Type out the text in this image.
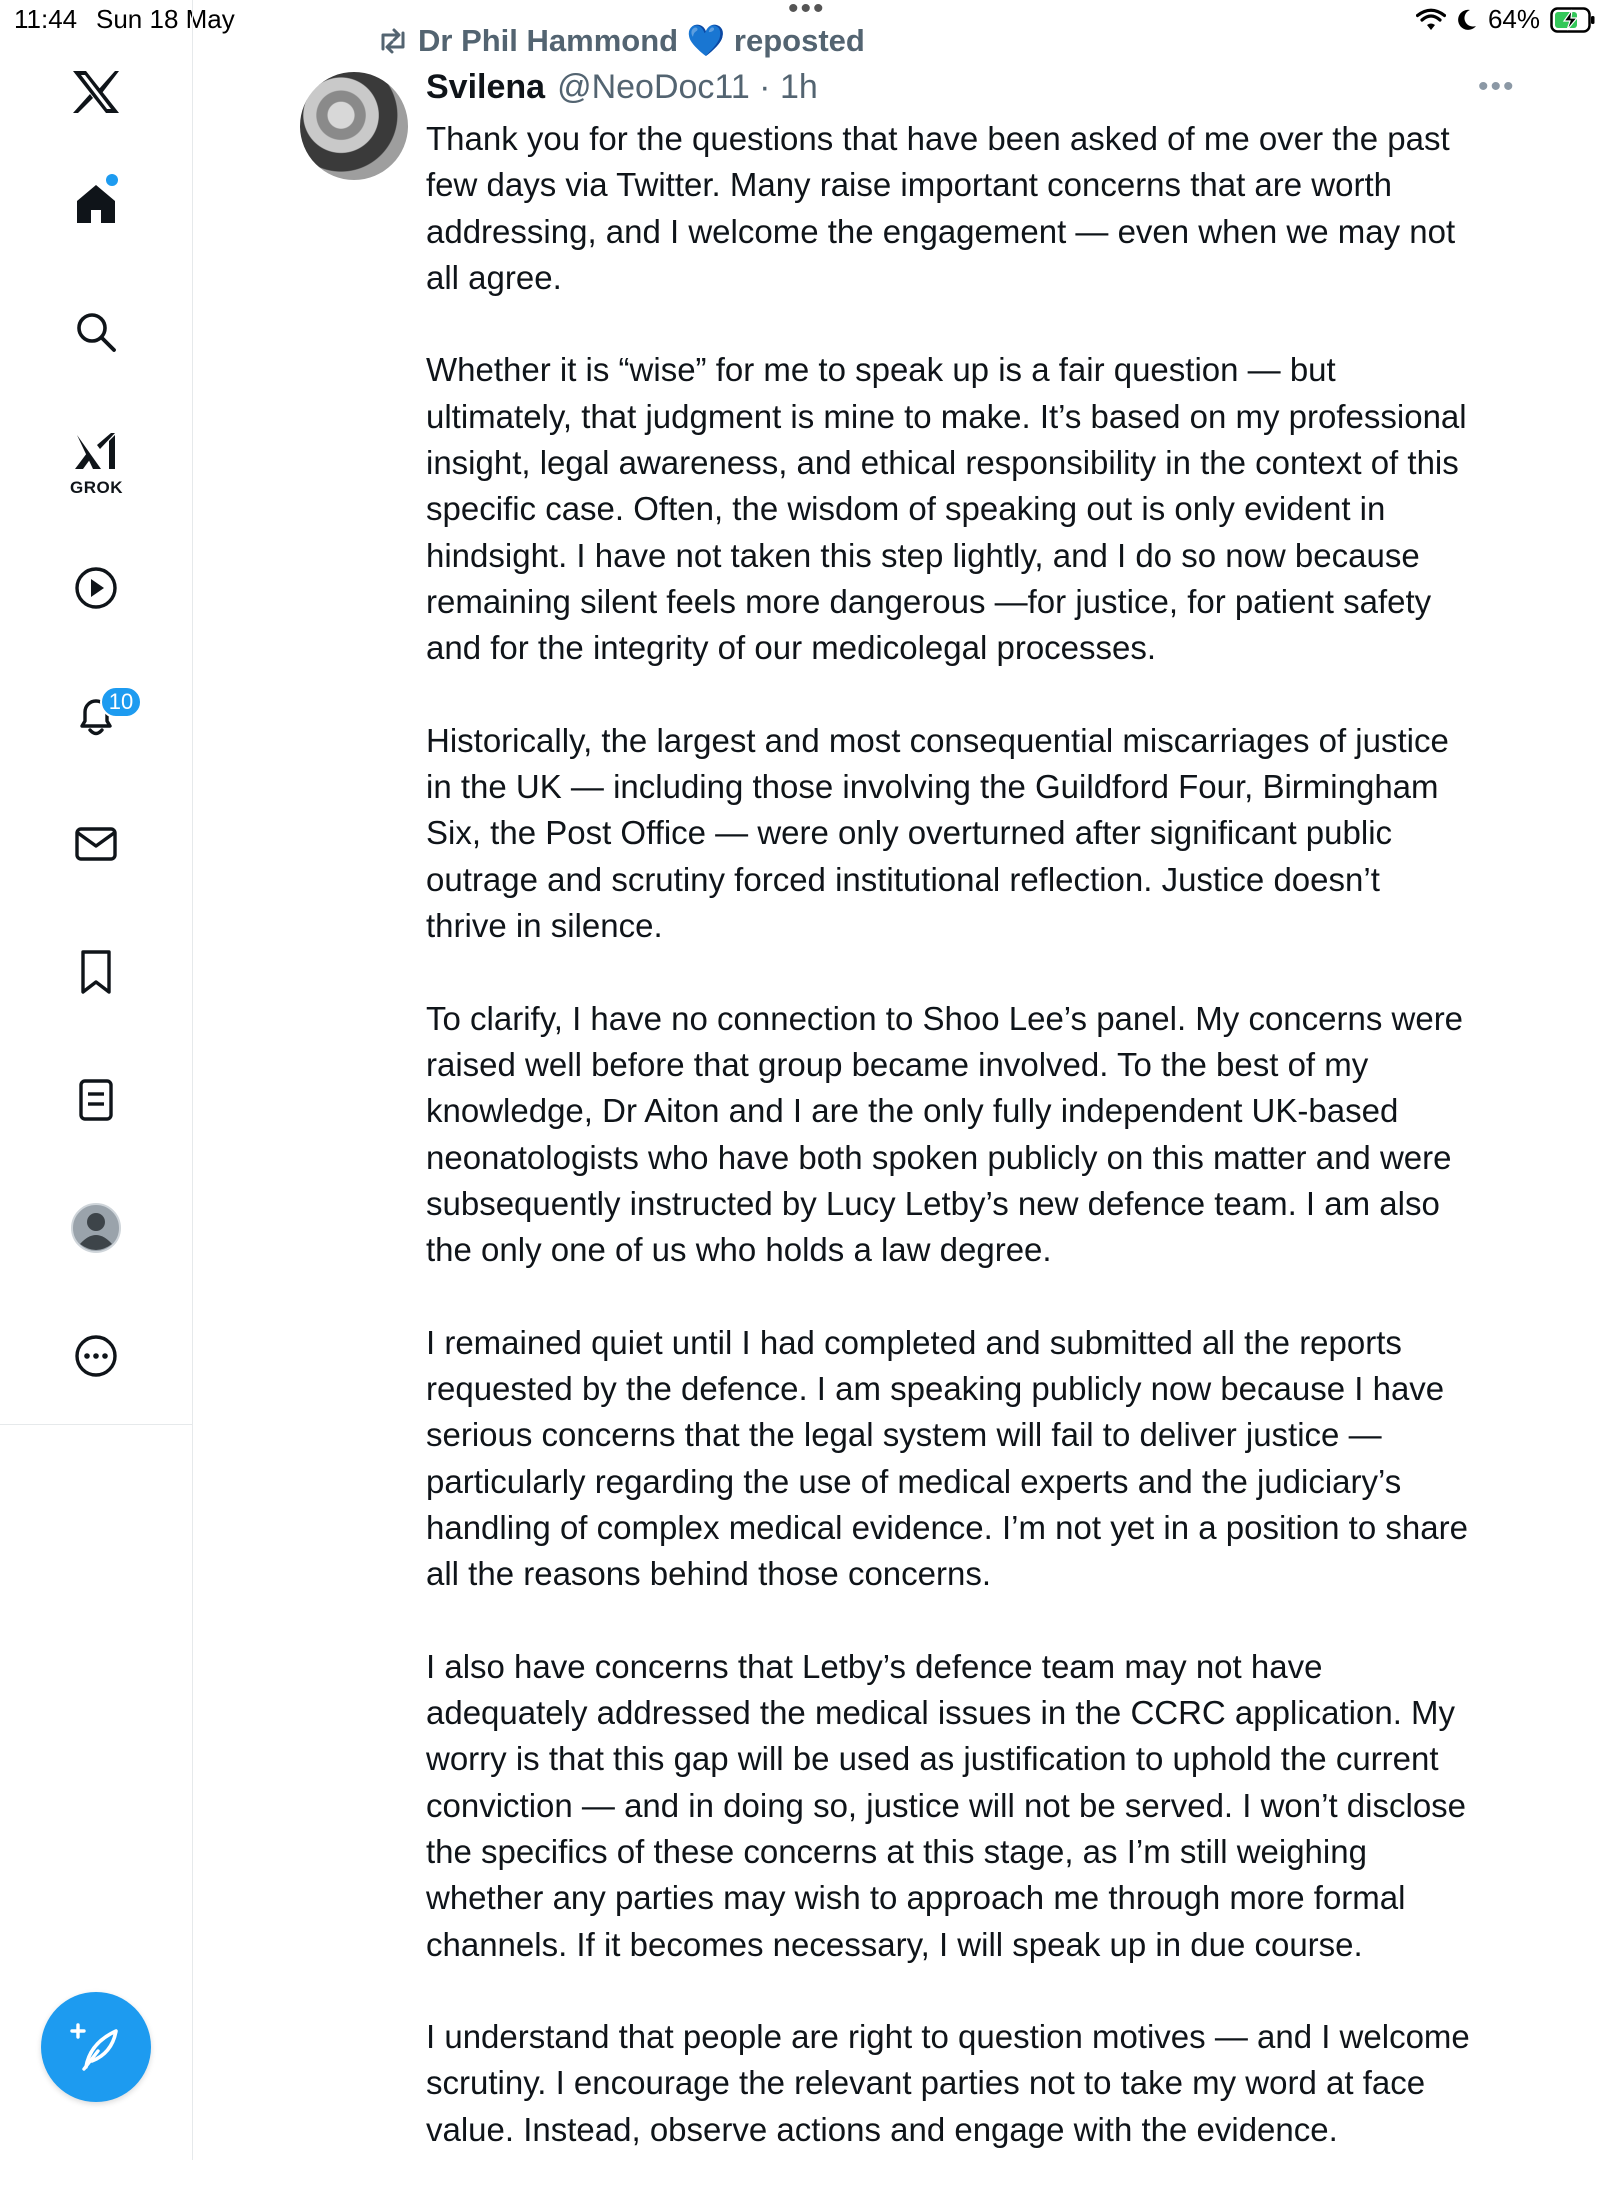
11:44 Sun 18 May	•••	64%
GROK
10
Dr Phil Hammond 💙 reposted
Svilena @NeoDoc11 · 1h	•••

Thank you for the questions that have been asked of me over the past
few days via Twitter. Many raise important concerns that are worth
addressing, and I welcome the engagement — even when we may not
all agree.

Whether it is “wise” for me to speak up is a fair question — but
ultimately, that judgment is mine to make. It’s based on my professional
insight, legal awareness, and ethical responsibility in the context of this
specific case. Often, the wisdom of speaking out is only evident in
hindsight. I have not taken this step lightly, and I do so now because
remaining silent feels more dangerous —for justice, for patient safety
and for the integrity of our medicolegal processes.

Historically, the largest and most consequential miscarriages of justice
in the UK — including those involving the Guildford Four, Birmingham
Six, the Post Office — were only overturned after significant public
outrage and scrutiny forced institutional reflection. Justice doesn’t
thrive in silence.

To clarify, I have no connection to Shoo Lee’s panel. My concerns were
raised well before that group became involved. To the best of my
knowledge, Dr Aiton and I are the only fully independent UK-based
neonatologists who have both spoken publicly on this matter and were
subsequently instructed by Lucy Letby’s new defence team. I am also
the only one of us who holds a law degree.

I remained quiet until I had completed and submitted all the reports
requested by the defence. I am speaking publicly now because I have
serious concerns that the legal system will fail to deliver justice —
particularly regarding the use of medical experts and the judiciary’s
handling of complex medical evidence. I’m not yet in a position to share
all the reasons behind those concerns.

I also have concerns that Letby’s defence team may not have
adequately addressed the medical issues in the CCRC application. My
worry is that this gap will be used as justification to uphold the current
conviction — and in doing so, justice will not be served. I won’t disclose
the specifics of these concerns at this stage, as I’m still weighing
whether any parties may wish to approach me through more formal
channels. If it becomes necessary, I will speak up in due course.

I understand that people are right to question motives — and I welcome
scrutiny. I encourage the relevant parties not to take my word at face
value. Instead, observe actions and engage with the evidence.
